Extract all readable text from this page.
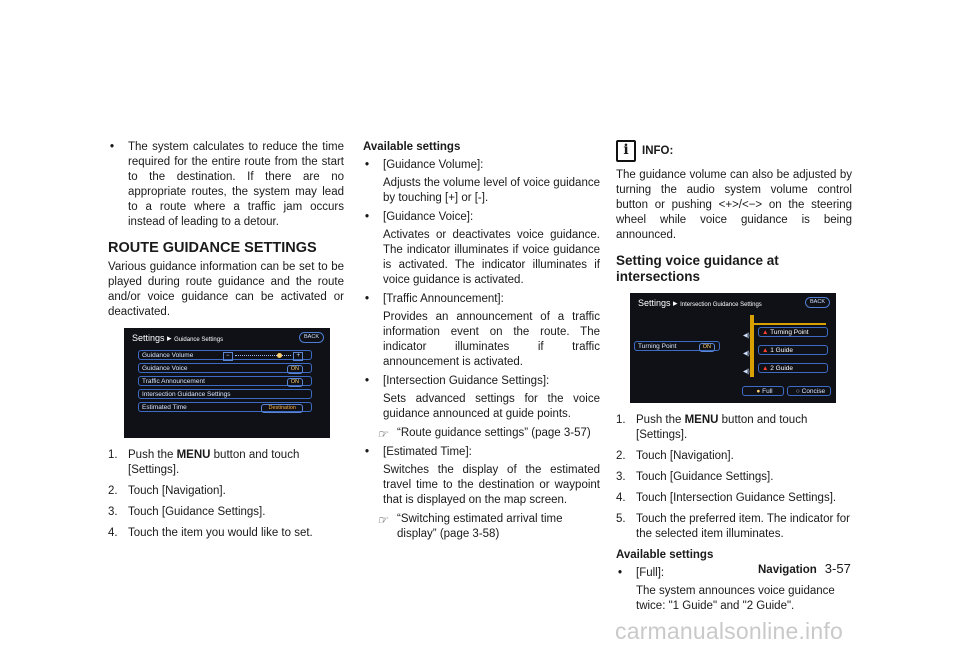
• The system calculates to reduce the time required for the entire route from the start to the destination. If there are no appropriate routes, the system may lead to a route where a traffic jam occurs instead of leading to a detour.
ROUTE GUIDANCE SETTINGS

Various guidance information can be set to be played during route guidance and the route and/or voice guidance can be activated or deactivated.

Settings ▸ Guidance Settings	BACK
Guidance Volume	−	+
Guidance Voice	ON
Traffic Announcement	ON
Intersection Guidance Settings
Estimated Time	Destination
1. Push the MENU button and touch [Settings].
2. Touch [Navigation].
3. Touch [Guidance Settings].
4. Touch the item you would like to set.
Available settings
• [Guidance Volume]:

Adjusts the volume level of voice guidance by touching [+] or [-].

• [Guidance Voice]:

Activates or deactivates voice guidance. The indicator illuminates if voice guidance is activated. The indicator illuminates if voice guidance is activated.

• [Traffic Announcement]:

Provides an announcement of a traffic information event on the route. The indicator illuminates if traffic announcement is activated.

• [Intersection Guidance Settings]:

Sets advanced settings for the voice guidance announced at guide points.

☞ “Route guidance settings” (page 3-57)
• [Estimated Time]:

Switches the display of the estimated travel time to the destination or waypoint that is displayed on the map screen.

☞ “Switching estimated arrival time display” (page 3-58)
i	INFO:

The guidance volume can also be adjusted by turning the audio system volume control button or pushing <+>/<−> on the steering wheel while voice guidance is being announced.

Setting voice guidance at intersections
Settings ▸ Intersection Guidance Settings	BACK
Turning Point	ON
▲ Turning Point
▲ 1 Guide
▲ 2 Guide
◀)
◀)
◀)
● Full	○ Concise
1. Push the MENU button and touch [Settings].
2. Touch [Navigation].
3. Touch [Guidance Settings].
4. Touch [Intersection Guidance Settings].
5. Touch the preferred item. The indicator for the selected item illuminates.
Available settings
• [Full]:

The system announces voice guidance twice: "1 Guide" and "2 Guide".

Navigation 3-57
carmanualsonline.info
